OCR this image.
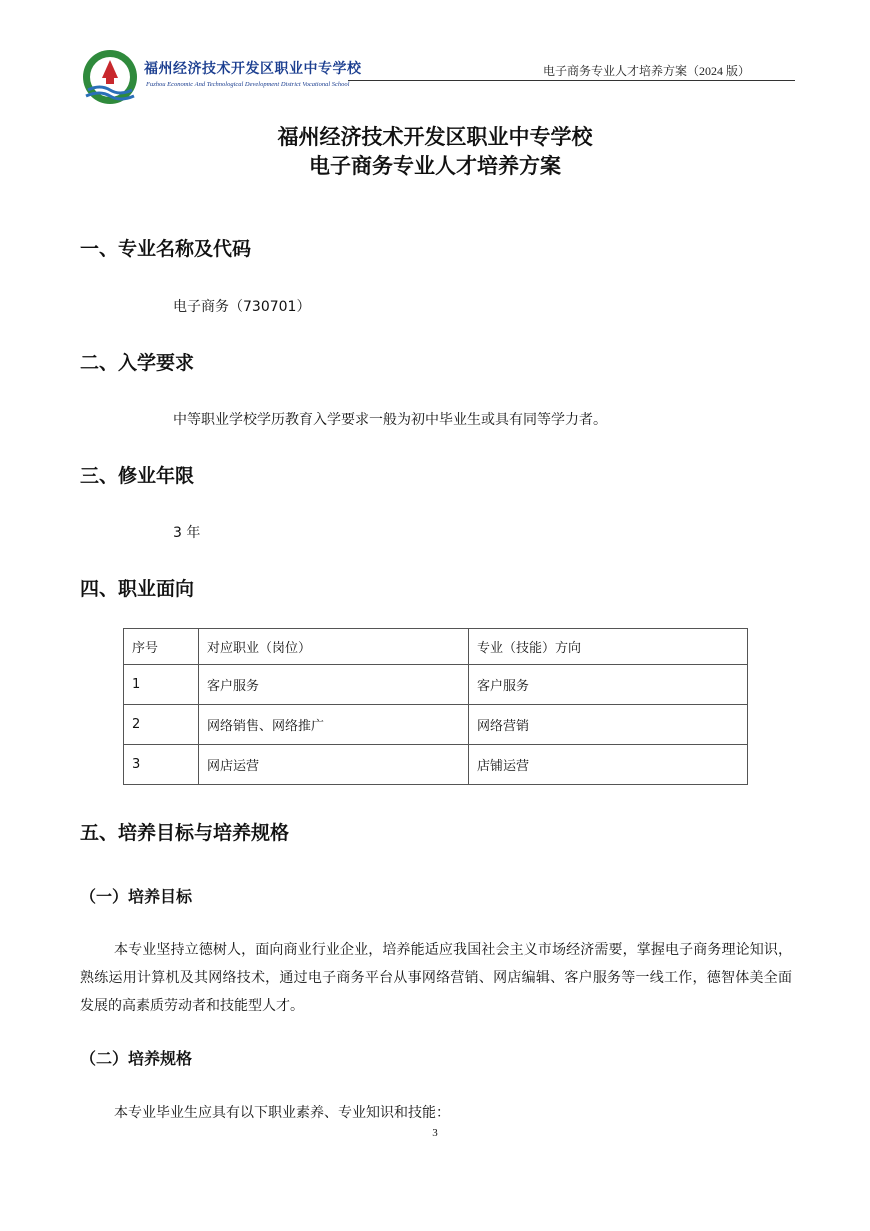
福州经济技术开发区职业中专学校
Fuzhou Economic And Technological Development District Vocational School
电子商务专业人才培养方案（2024 版）
福州经济技术开发区职业中专学校
电子商务专业人才培养方案
一、专业名称及代码
电子商务（730701）
二、入学要求
中等职业学校学历教育入学要求一般为初中毕业生或具有同等学力者。
三、修业年限
3 年
四、职业面向
序号	对应职业（岗位）	专业（技能）方向
1	客户服务	客户服务
2	网络销售、网络推广	网络营销
3	网店运营	店铺运营
五、培养目标与培养规格
（一）培养目标
本专业坚持立德树人，面向商业行业企业，培养能适应我国社会主义市场经济需要，掌握电子商务理论知识，熟练运用计算机及其网络技术，通过电子商务平台从事网络营销、网店编辑、客户服务等一线工作，德智体美全面发展的高素质劳动者和技能型人才。
（二）培养规格
本专业毕业生应具有以下职业素养、专业知识和技能：
3
